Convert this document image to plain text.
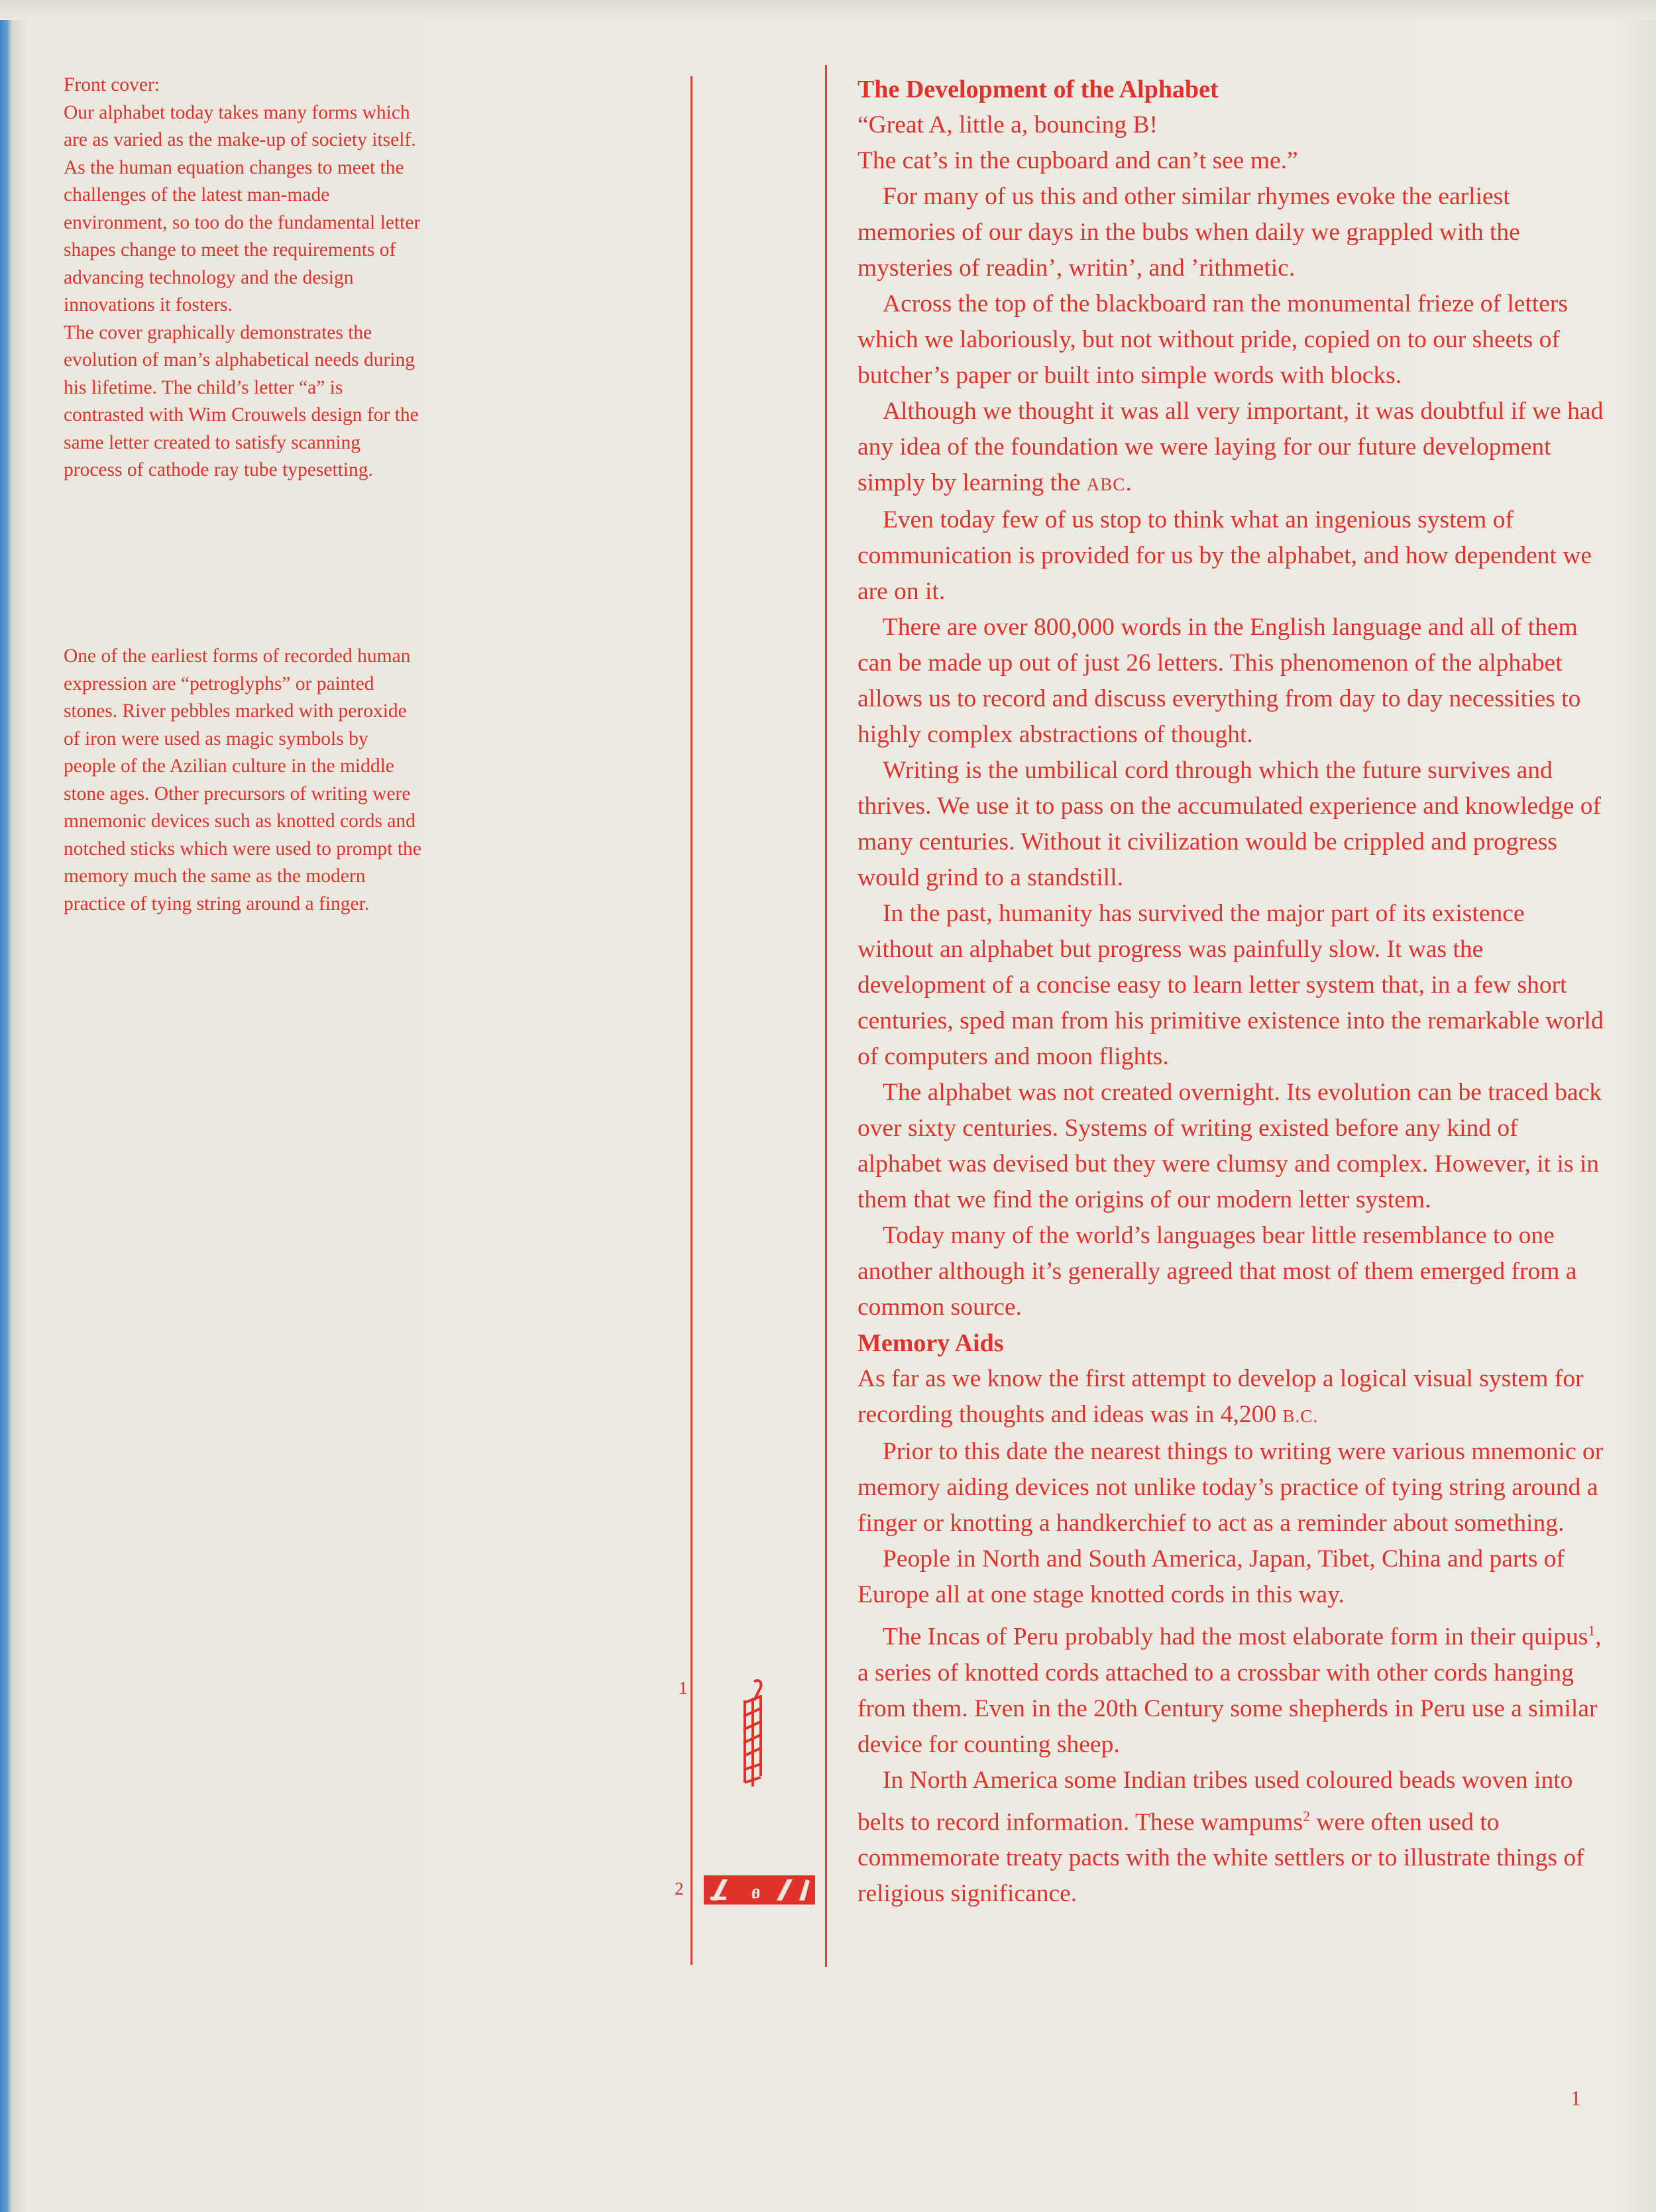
Front cover:

Our alphabet today takes many forms which are as varied as the make-up of society itself. As the human equation changes to meet the challenges of the latest man-made environment, so too do the fundamental letter shapes change to meet the requirements of advancing technology and the design innovations it fosters.

The cover graphically demonstrates the evolution of man’s alphabetical needs during his lifetime. The child’s letter “a” is contrasted with Wim Crouwels design for the same letter created to satisfy scanning process of cathode ray tube typesetting.

One of the earliest forms of recorded human expression are “petroglyphs” or painted stones. River pebbles marked with peroxide of iron were used as magic symbols by people of the Azilian culture in the middle stone ages. Other precursors of writing were mnemonic devices such as knotted cords and notched sticks which were used to prompt the memory much the same as the modern practice of tying string around a finger.

1
2	ፀ
The Development of the Alphabet

“Great A, little a, bouncing B!

The cat’s in the cupboard and can’t see me.”

For many of us this and other similar rhymes evoke the earliest memories of our days in the bubs when daily we grappled with the mysteries of readin’, writin’, and ’rithmetic.

Across the top of the blackboard ran the monumental frieze of letters which we laboriously, but not without pride, copied on to our sheets of butcher’s paper or built into simple words with blocks.

Although we thought it was all very important, it was doubtful if we had any idea of the foundation we were laying for our future development simply by learning the ABC.

Even today few of us stop to think what an ingenious system of communication is provided for us by the alphabet, and how dependent we are on it.

There are over 800,000 words in the English language and all of them can be made up out of just 26 letters. This phenomenon of the alphabet allows us to record and discuss everything from day to day necessities to highly complex abstractions of thought.

Writing is the umbilical cord through which the future survives and thrives. We use it to pass on the accumulated experience and knowledge of many centuries. Without it civilization would be crippled and progress would grind to a standstill.

In the past, humanity has survived the major part of its existence without an alphabet but progress was painfully slow. It was the development of a concise easy to learn letter system that, in a few short centuries, sped man from his primitive existence into the remarkable world of computers and moon flights.

The alphabet was not created overnight. Its evolution can be traced back over sixty centuries. Systems of writing existed before any kind of alphabet was devised but they were clumsy and complex. However, it is in them that we find the origins of our modern letter system.

Today many of the world’s languages bear little resemblance to one another although it’s generally agreed that most of them emerged from a common source.

Memory Aids

As far as we know the first attempt to develop a logical visual system for recording thoughts and ideas was in 4,200 B.C.

Prior to this date the nearest things to writing were various mnemonic or memory aiding devices not unlike today’s practice of tying string around a finger or knotting a handkerchief to act as a reminder about something.

People in North and South America, Japan, Tibet, China and parts of Europe all at one stage knotted cords in this way.

The Incas of Peru probably had the most elaborate form in their quipus$^1$, a series of knotted cords attached to a crossbar with other cords hanging from them. Even in the 20th Century some shepherds in Peru use a similar device for counting sheep.

In North America some Indian tribes used coloured beads woven into belts to record information. These wampums$^2$ were often used to commemorate treaty pacts with the white settlers or to illustrate things of religious significance.

1
